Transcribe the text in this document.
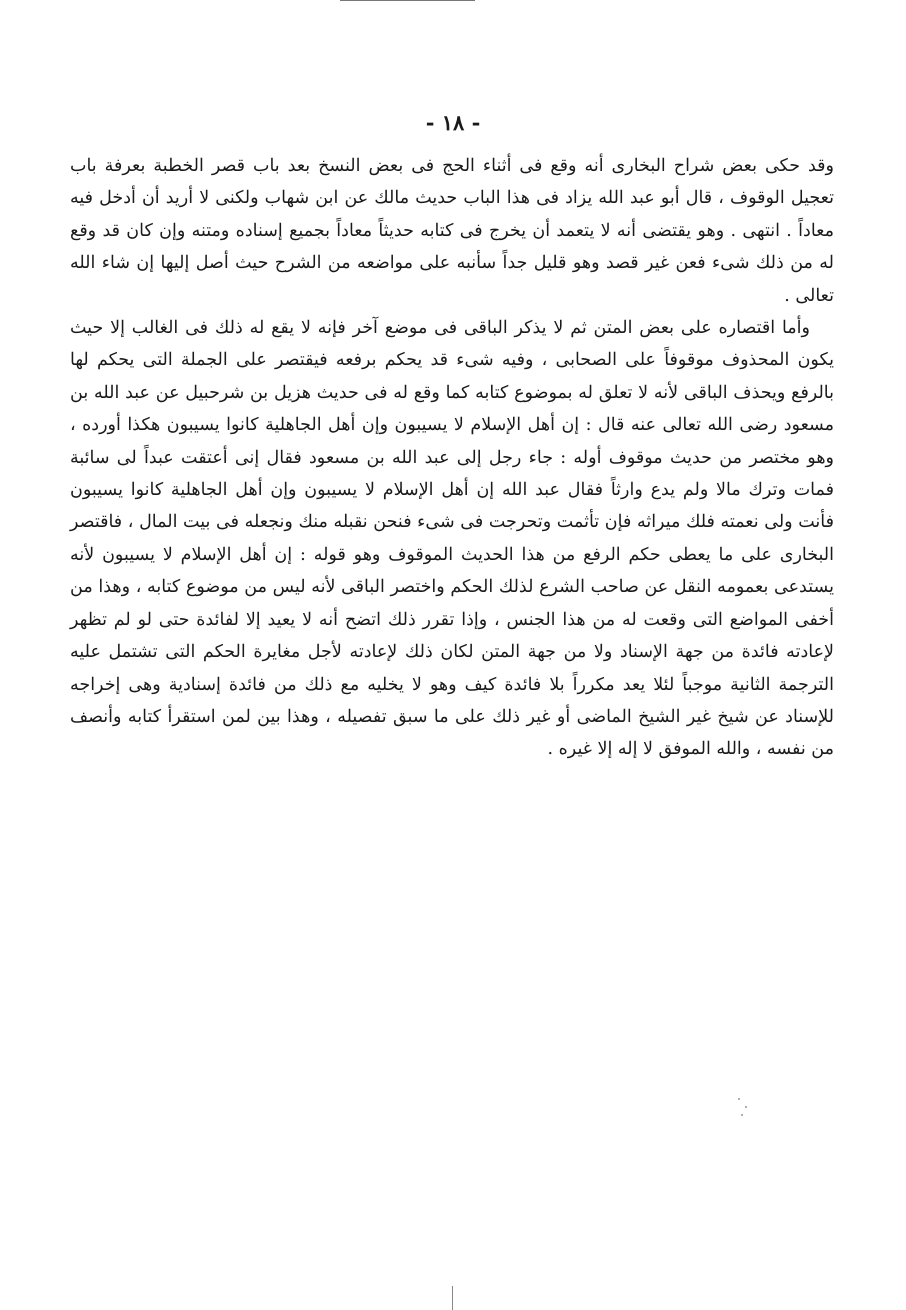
- ١٨ -

وقد حكى بعض شراح البخارى أنه وقع فى أثناء الحج فى بعض النسخ بعد باب قصر الخطبة بعرفة باب تعجيل الوقوف ، قال أبو عبد الله يزاد فى هذا الباب حديث مالك عن ابن شهاب ولكنى لا أريد أن أدخل فيه معاداً . انتهى . وهو يقتضى أنه لا يتعمد أن يخرج فى كتابه حديثاً معاداً بجميع إسناده ومتنه وإن كان قد وقع له من ذلك شىء فعن غير قصد وهو قليل جداً سأنبه على مواضعه من الشرح حيث أصل إليها إن شاء الله تعالى .

وأما اقتصاره على بعض المتن ثم لا يذكر الباقى فى موضع آخر فإنه لا يقع له ذلك فى الغالب إلا حيث يكون المحذوف موقوفاً على الصحابى ، وفيه شىء قد يحكم برفعه فيقتصر على الجملة التى يحكم لها بالرفع ويحذف الباقى لأنه لا تعلق له بموضوع كتابه كما وقع له فى حديث هزيل بن شرحبيل عن عبد الله بن مسعود رضى الله تعالى عنه قال : إن أهل الإسلام لا يسيبون وإن أهل الجاهلية كانوا يسيبون هكذا أورده ، وهو مختصر من حديث موقوف أوله : جاء رجل إلى عبد الله بن مسعود فقال إنى أعتقت عبداً لى سائبة فمات وترك مالا ولم يدع وارثاً فقال عبد الله إن أهل الإسلام لا يسيبون وإن أهل الجاهلية كانوا يسيبون فأنت ولى نعمته فلك ميراثه فإن تأثمت وتحرجت فى شىء فنحن نقبله منك ونجعله فى بيت المال ، فاقتصر البخارى على ما يعطى حكم الرفع من هذا الحديث الموقوف وهو قوله : إن أهل الإسلام لا يسيبون لأنه يستدعى بعمومه النقل عن صاحب الشرع لذلك الحكم واختصر الباقى لأنه ليس من موضوع كتابه ، وهذا من أخفى المواضع التى وقعت له من هذا الجنس ، وإذا تقرر ذلك اتضح أنه لا يعيد إلا لفائدة حتى لو لم تظهر لإعادته فائدة من جهة الإسناد ولا من جهة المتن لكان ذلك لإعادته لأجل مغايرة الحكم التى تشتمل عليه الترجمة الثانية موجباً لئلا يعد مكرراً بلا فائدة كيف وهو لا يخليه مع ذلك من فائدة إسنادية وهى إخراجه للإسناد عن شيخ غير الشيخ الماضى أو غير ذلك على ما سبق تفصيله ، وهذا بين لمن استقرأ كتابه وأنصف من نفسه ، والله الموفق لا إله إلا غيره .
